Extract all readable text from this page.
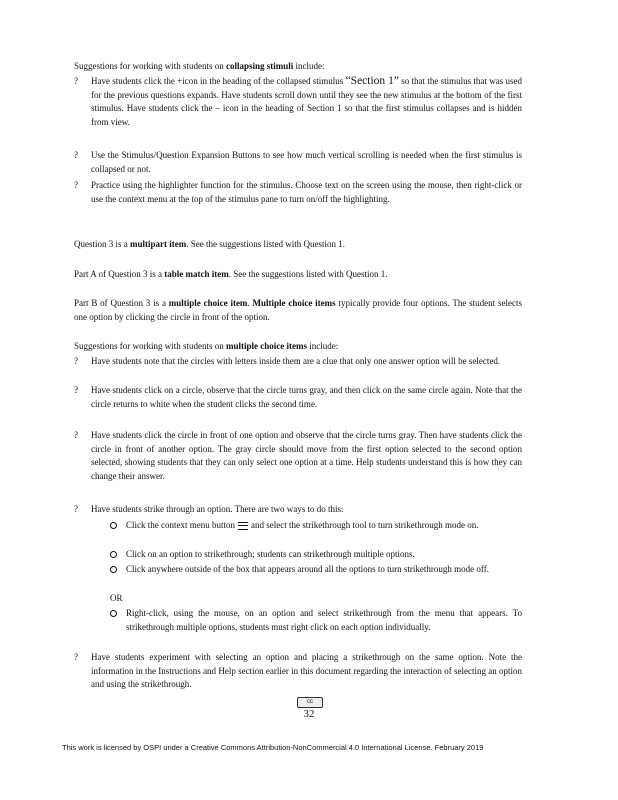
Suggestions for working with students on collapsing stimuli include:

?	Have students click the +icon in the heading of the collapsed stimulus “Section 1” so that the stimulus that was used for the previous questions expands. Have students scroll down until they see the new stimulus at the bottom of the first stimulus. Have students click the – icon in the heading of Section 1 so that the first stimulus collapses and is hidden from view.
?	Use the Stimulus/Question Expansion Buttons to see how much vertical scrolling is needed when the first stimulus is collapsed or not.
?	Practice using the highlighter function for the stimulus. Choose text on the screen using the mouse, then right-click or use the context menu at the top of the stimulus pane to turn on/off the highlighting.

Question 3 is a multipart item. See the suggestions listed with Question 1.

Part A of Question 3 is a table match item. See the suggestions listed with Question 1.

Part B of Question 3 is a multiple choice item. Multiple choice items typically provide four options. The student selects one option by clicking the circle in front of the option.

Suggestions for working with students on multiple choice items include:

?	Have students note that the circles with letters inside them are a clue that only one answer option will be selected.
?	Have students click on a circle, observe that the circle turns gray, and then click on the same circle again. Note that the circle returns to white when the student clicks the second time.
?	Have students click the circle in front of one option and observe that the circle turns gray. Then have students click the circle in front of another option. The gray circle should move from the first option selected to the second option selected, showing students that they can only select one option at a time. Help students understand this is how they can change their answer.
?	Have students strike through an option. There are two ways to do this:
Click the context menu button and select the strikethrough tool to turn strikethrough mode on.
Click on an option to strikethrough; students can strikethrough multiple options.
Click anywhere outside of the box that appears around all the options to turn strikethrough mode off.
OR
Right-click, using the mouse, on an option and select strikethrough from the menu that appears. To strikethrough multiple options, students must right click on each option individually.
?	Have students experiment with selecting an option and placing a strikethrough on the same option. Note the information in the Instructions and Help section earlier in this document regarding the interaction of selecting an option and using the strikethrough.
32
cc
This work is licensed by OSPI under a Creative Commons Attribution-NonCommercial 4.0 International License. February 2019
